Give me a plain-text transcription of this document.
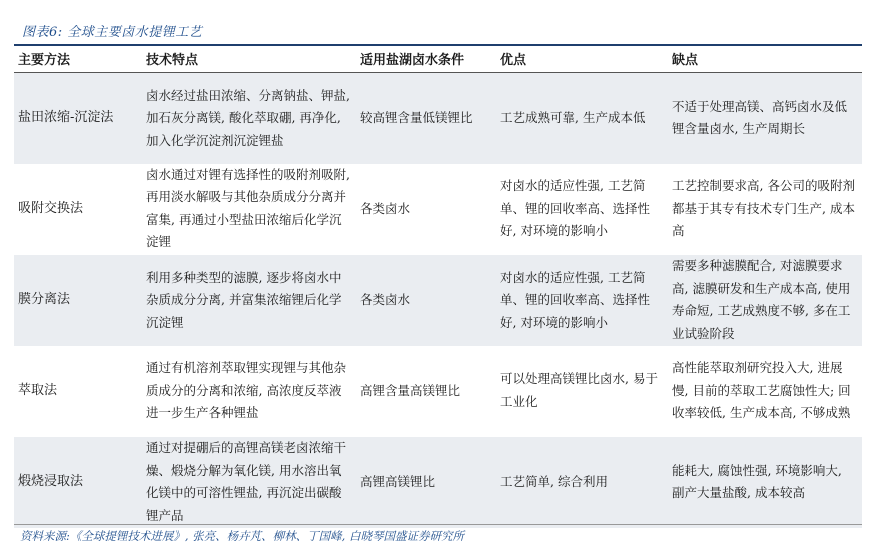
图表6: 全球主要卤水提锂工艺
主要方法	技术特点	适用盐湖卤水条件	优点	缺点
盐田浓缩-沉淀法	卤水经过盐田浓缩、分离钠盐、钾盐, 加石灰分离镁, 酸化萃取硼, 再净化, 加入化学沉淀剂沉淀锂盐	较高锂含量低镁锂比	工艺成熟可靠, 生产成本低	不适于处理高镁、高钙卤水及低锂含量卤水, 生产周期长
吸附交换法	卤水通过对锂有选择性的吸附剂吸附, 再用淡水解吸与其他杂质成分分离并富集, 再通过小型盐田浓缩后化学沉淀锂	各类卤水	对卤水的适应性强, 工艺简单、锂的回收率高、选择性好, 对环境的影响小	工艺控制要求高, 各公司的吸附剂都基于其专有技术专门生产, 成本高
膜分离法	利用多种类型的滤膜, 逐步将卤水中杂质成分分离, 并富集浓缩锂后化学沉淀锂	各类卤水	对卤水的适应性强, 工艺简单、锂的回收率高、选择性好, 对环境的影响小	需要多种滤膜配合, 对滤膜要求高, 滤膜研发和生产成本高, 使用寿命短, 工艺成熟度不够, 多在工业试验阶段
萃取法	通过有机溶剂萃取锂实现锂与其他杂质成分的分离和浓缩, 高浓度反萃液进一步生产各种锂盐	高锂含量高镁锂比	可以处理高镁锂比卤水, 易于工业化	高性能萃取剂研究投入大, 进展慢, 目前的萃取工艺腐蚀性大; 回收率较低, 生产成本高, 不够成熟
煅烧浸取法	通过对提硼后的高锂高镁老卤浓缩干燥、煅烧分解为氧化镁, 用水溶出氧化镁中的可溶性锂盐, 再沉淀出碳酸锂产品	高锂高镁锂比	工艺简单, 综合利用	能耗大, 腐蚀性强, 环境影响大, 副产大量盐酸, 成本较高
资料来源:《全球提锂技术进展》, 张亮、杨卉芃、柳林、丁国峰, 白晓琴国盛证券研究所
